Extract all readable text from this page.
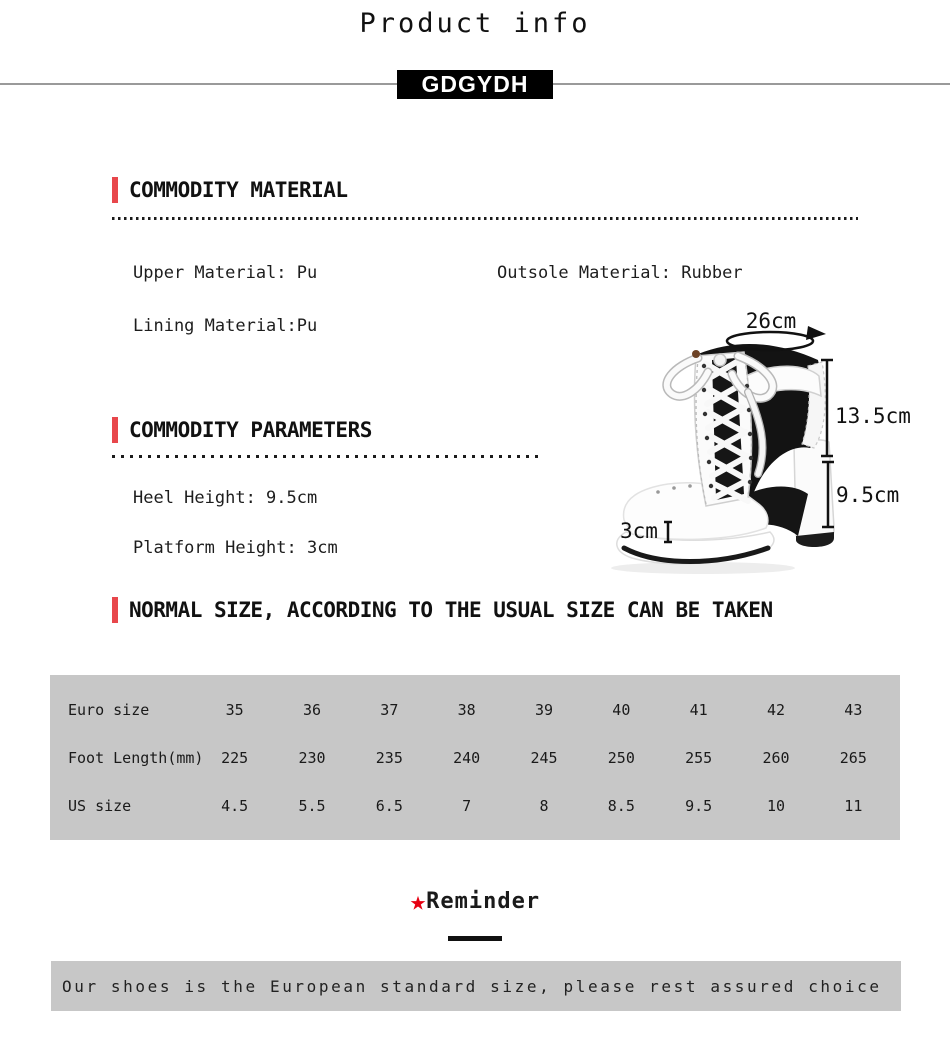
Product info
GDGYDH
COMMODITY MATERIAL
Upper Material: Pu	Outsole Material: Rubber
Lining Material:Pu
COMMODITY PARAMETERS
Heel Height: 9.5cm
Platform Height: 3cm
26cm
13.5cm
9.5cm
3cm
NORMAL SIZE, ACCORDING TO THE USUAL SIZE CAN BE TAKEN
Euro size	35	36	37	38	39	40	41	42	43
Foot Length(mm)	225	230	235	240	245	250	255	260	265
US size	4.5	5.5	6.5	7	8	8.5	9.5	10	11
★Reminder
Our shoes is the European standard size, please rest assured choice
